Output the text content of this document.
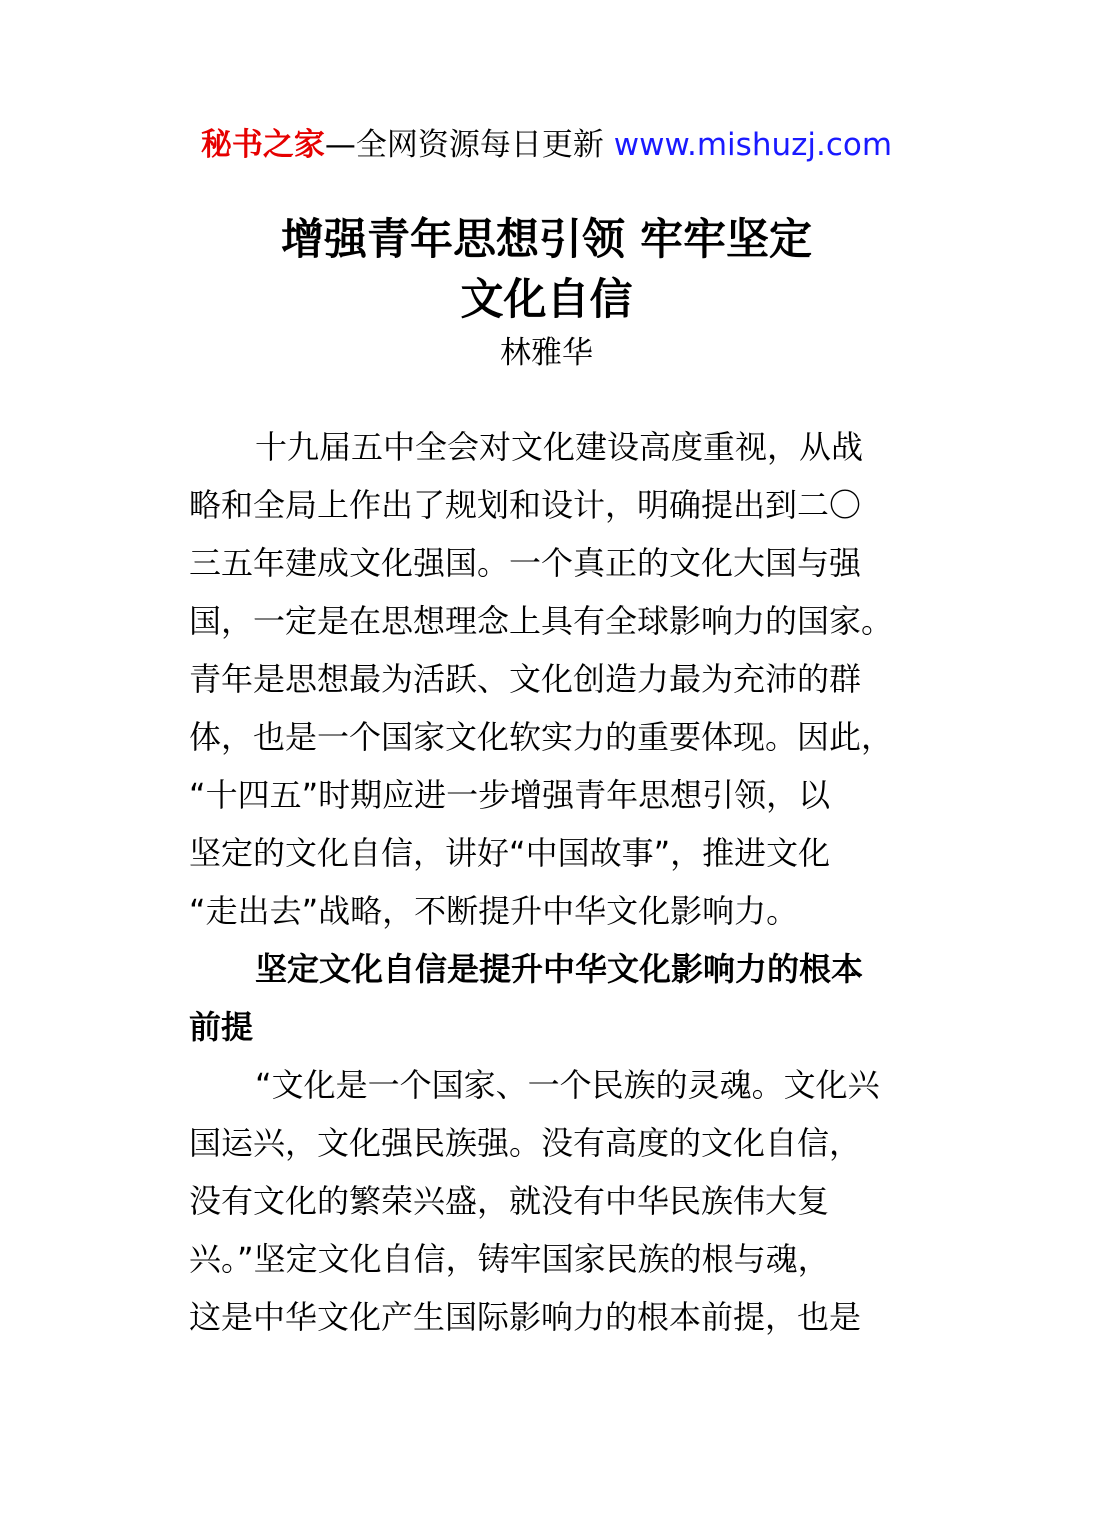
秘书之家—全网资源每日更新 www.mishuzj.com
增强青年思想引领 牢牢坚定
文化自信
林雅华
十九届五中全会对文化建设高度重视，从战
略和全局上作出了规划和设计，明确提出到二〇
三五年建成文化强国。一个真正的文化大国与强
国，一定是在思想理念上具有全球影响力的国家。
青年是思想最为活跃、文化创造力最为充沛的群
体，也是一个国家文化软实力的重要体现。因此，
“十四五”时期应进一步增强青年思想引领，以
坚定的文化自信，讲好“中国故事”，推进文化
“走出去”战略，不断提升中华文化影响力。
坚定文化自信是提升中华文化影响力的根本
前提
“文化是一个国家、一个民族的灵魂。文化兴
国运兴，文化强民族强。没有高度的文化自信，
没有文化的繁荣兴盛，就没有中华民族伟大复
兴。”坚定文化自信，铸牢国家民族的根与魂，
这是中华文化产生国际影响力的根本前提，也是
